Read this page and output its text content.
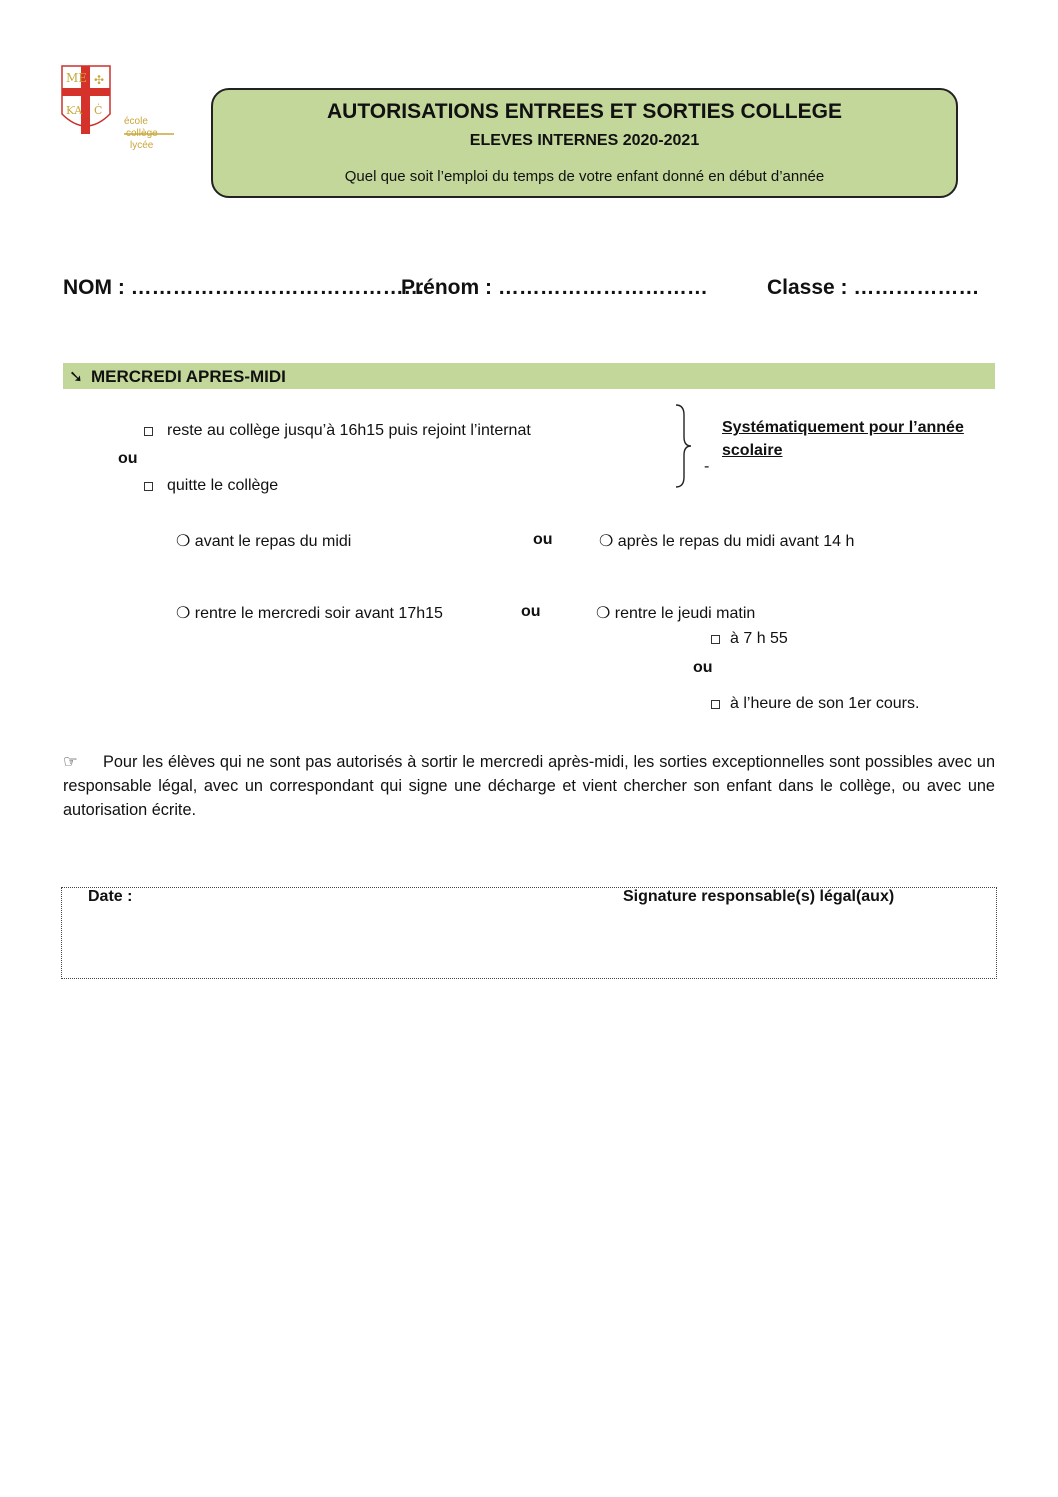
ME ✣
ƘA Ċ
école
collège
lycée
AUTORISATIONS ENTREES ET SORTIES COLLEGE
ELEVES INTERNES 2020-2021
Quel que soit l’emploi du temps de votre enfant donné en début d’année
NOM : ……………………………………
Prénom : …………………………	Classe : ………………
➘ MERCREDI APRES-MIDI
reste au collège jusqu’à 16h15 puis rejoint l’internat
ou
quitte le collège
-
Systématiquement pour l’année scolaire
❍ avant le repas du midi	ou	❍ après le repas du midi avant 14 h
❍ rentre le mercredi soir avant 17h15	ou	❍ rentre le jeudi matin
à 7 h 55
ou
à l’heure de son 1er cours.
☞ Pour les élèves qui ne sont pas autorisés à sortir le mercredi après-midi, les sorties exceptionnelles sont possibles avec un responsable légal, avec un correspondant qui signe une décharge et vient chercher son enfant dans le collège, ou avec une autorisation écrite.
Date :	Signature responsable(s) légal(aux)
